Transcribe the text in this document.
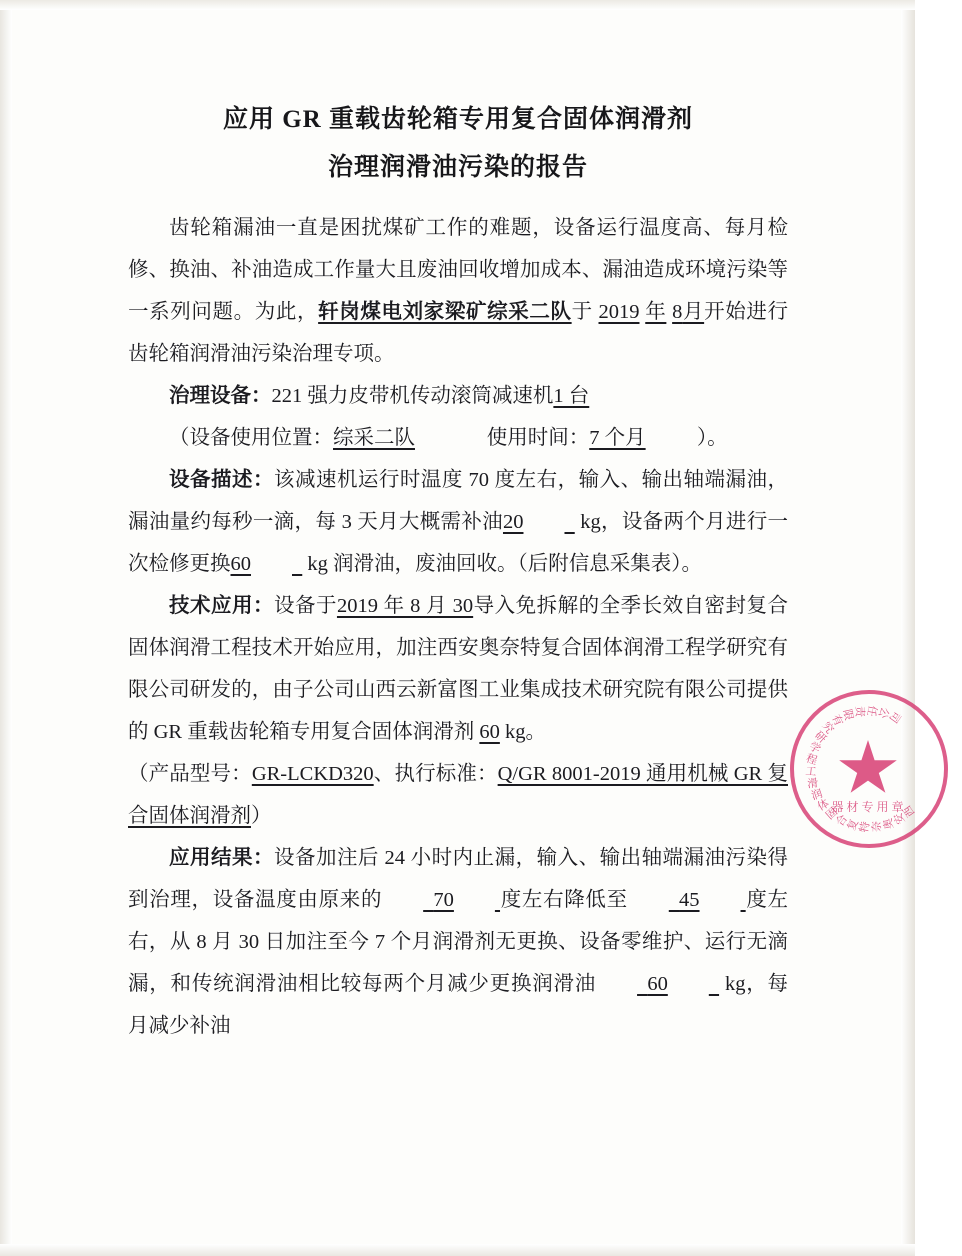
应用 GR 重载齿轮箱专用复合固体润滑剂
治理润滑油污染的报告

齿轮箱漏油一直是困扰煤矿工作的难题，设备运行温度高、每月检修、换油、补油造成工作量大且废油回收增加成本、漏油造成环境污染等一系列问题。为此，轩岗煤电刘家梁矿综采二队于 2019 年 8月开始进行齿轮箱润滑油污染治理专项。

治理设备：221 强力皮带机传动滚筒减速机1 台

（设备使用位置：综采二队	使用时间：7 个月	）。

设备描述：该减速机运行时温度 70 度左右，输入、输出轴端漏油，漏油量约每秒一滴，每 3 天月大概需补油20	kg，设备两个月进行一次检修更换60	kg 润滑油，废油回收。（后附信息采集表）。

技术应用：设备于2019 年 8 月 30导入免拆解的全季长效自密封复合固体润滑工程技术开始应用，加注西安奥奈特复合固体润滑工程学研究有限公司研发的，由子公司山西云新富图工业集成技术研究院有限公司提供的 GR 重载齿轮箱专用复合固体润滑剂 60 kg。

（产品型号：GR-LCKD320、执行标准：Q/GR 8001-2019 通用机械 GR 复合固体润滑剂）

应用结果：设备加注后 24 小时内止漏，输入、输出轴端漏油污染得到治理，设备温度由原来的	70 度左右降低至	45 度左右，从 8 月 30 日加注至今 7 个月润滑剂无更换、设备零维护、运行无滴漏，和传统润滑油相比较每两个月减少更换润滑油	60	kg，每月减少补油

西
安
奥
奈
特
复
合
固
体
润
滑
工
程
学
研
究
有
限
责 任
公
司
器材专用章
